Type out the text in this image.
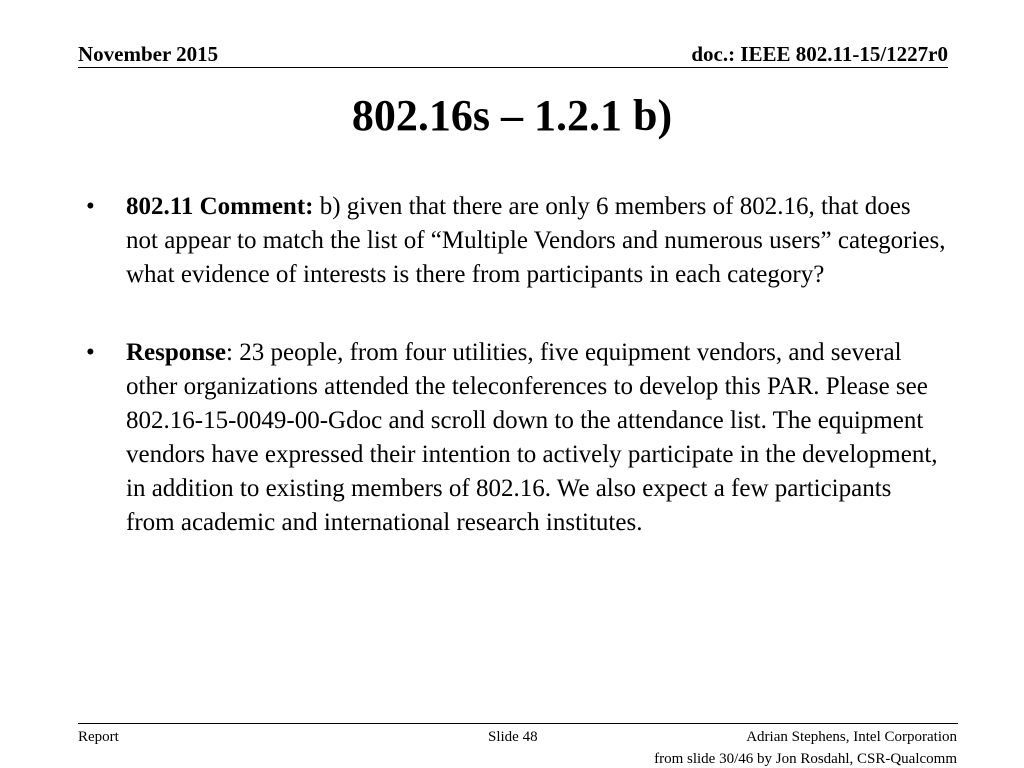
November 2015	doc.: IEEE 802.11-15/1227r0
802.16s – 1.2.1 b)
•	802.11 Comment: b) given that there are only 6 members of 802.16, that does not appear to match the list of “Multiple Vendors and numerous users” categories, what evidence of interests is there from participants in each category?
•	Response: 23 people, from four utilities, five equipment vendors, and several other organizations attended the teleconferences to develop this PAR. Please see 802.16-15-0049-00-Gdoc and scroll down to the attendance list. The equipment vendors have expressed their intention to actively participate in the development, in addition to existing members of 802.16. We also expect a few participants from academic and international research institutes.
Report	Slide 48	Adrian Stephens, Intel Corporation
from slide 30/46 by Jon Rosdahl, CSR-Qualcomm
